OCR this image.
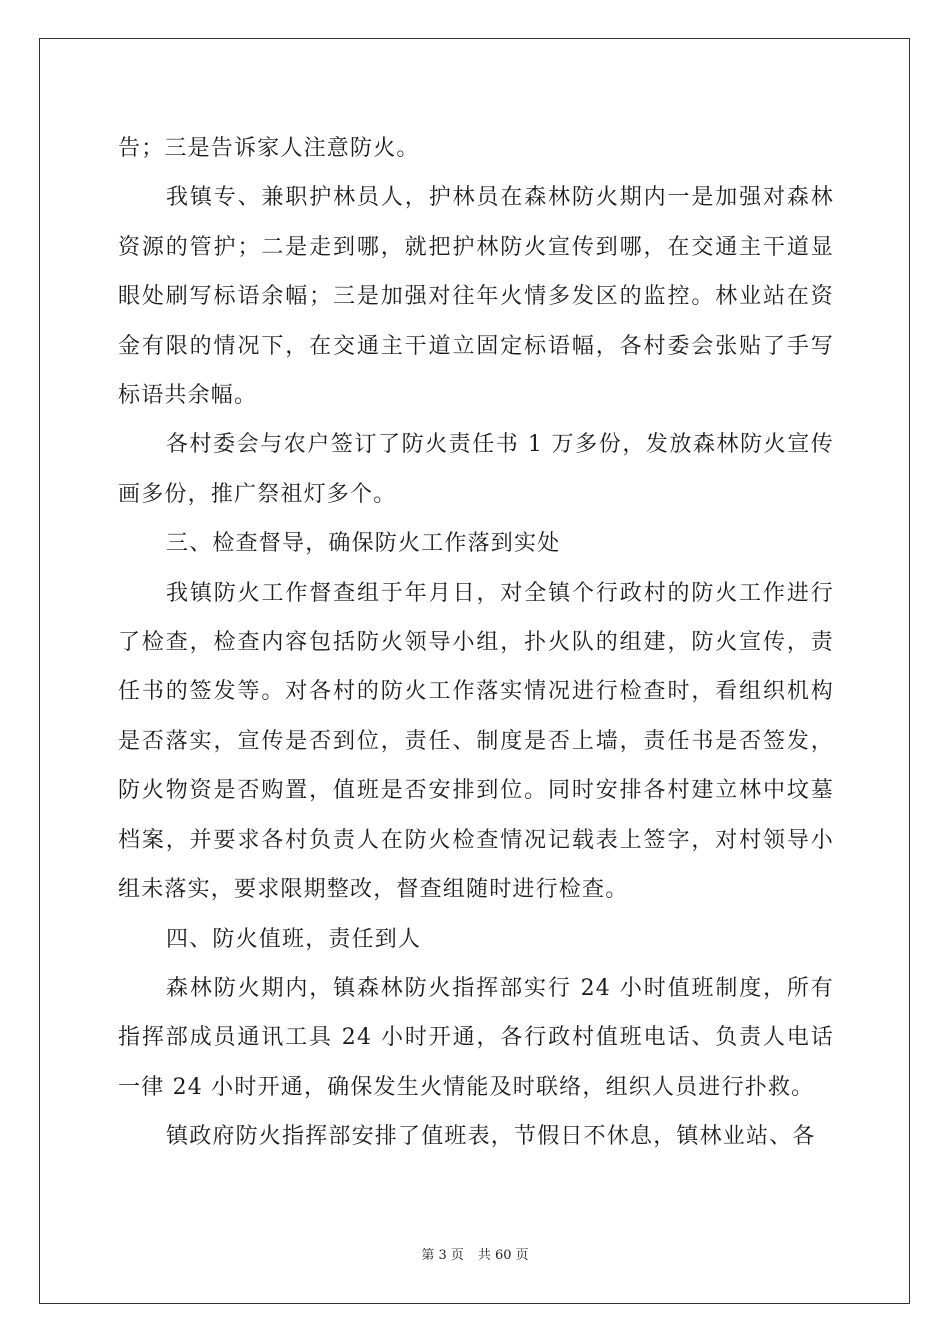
告；三是告诉家人注意防火。

我镇专、兼职护林员人，护林员在森林防火期内一是加强对森林资源的管护；二是走到哪，就把护林防火宣传到哪，在交通主干道显眼处刷写标语余幅；三是加强对往年火情多发区的监控。林业站在资金有限的情况下，在交通主干道立固定标语幅，各村委会张贴了手写标语共余幅。

各村委会与农户签订了防火责任书 1 万多份，发放森林防火宣传画多份，推广祭祖灯多个。

三、检查督导，确保防火工作落到实处

我镇防火工作督查组于年月日，对全镇个行政村的防火工作进行了检查，检查内容包括防火领导小组，扑火队的组建，防火宣传，责任书的签发等。对各村的防火工作落实情况进行检查时，看组织机构是否落实，宣传是否到位，责任、制度是否上墙，责任书是否签发，防火物资是否购置，值班是否安排到位。同时安排各村建立林中坟墓档案，并要求各村负责人在防火检查情况记载表上签字，对村领导小组未落实，要求限期整改，督查组随时进行检查。

四、防火值班，责任到人

森林防火期内，镇森林防火指挥部实行 24 小时值班制度，所有指挥部成员通讯工具 24 小时开通，各行政村值班电话、负责人电话一律 24 小时开通，确保发生火情能及时联络，组织人员进行扑救。

镇政府防火指挥部安排了值班表，节假日不休息，镇林业站、各

第 3 页 共 60 页
